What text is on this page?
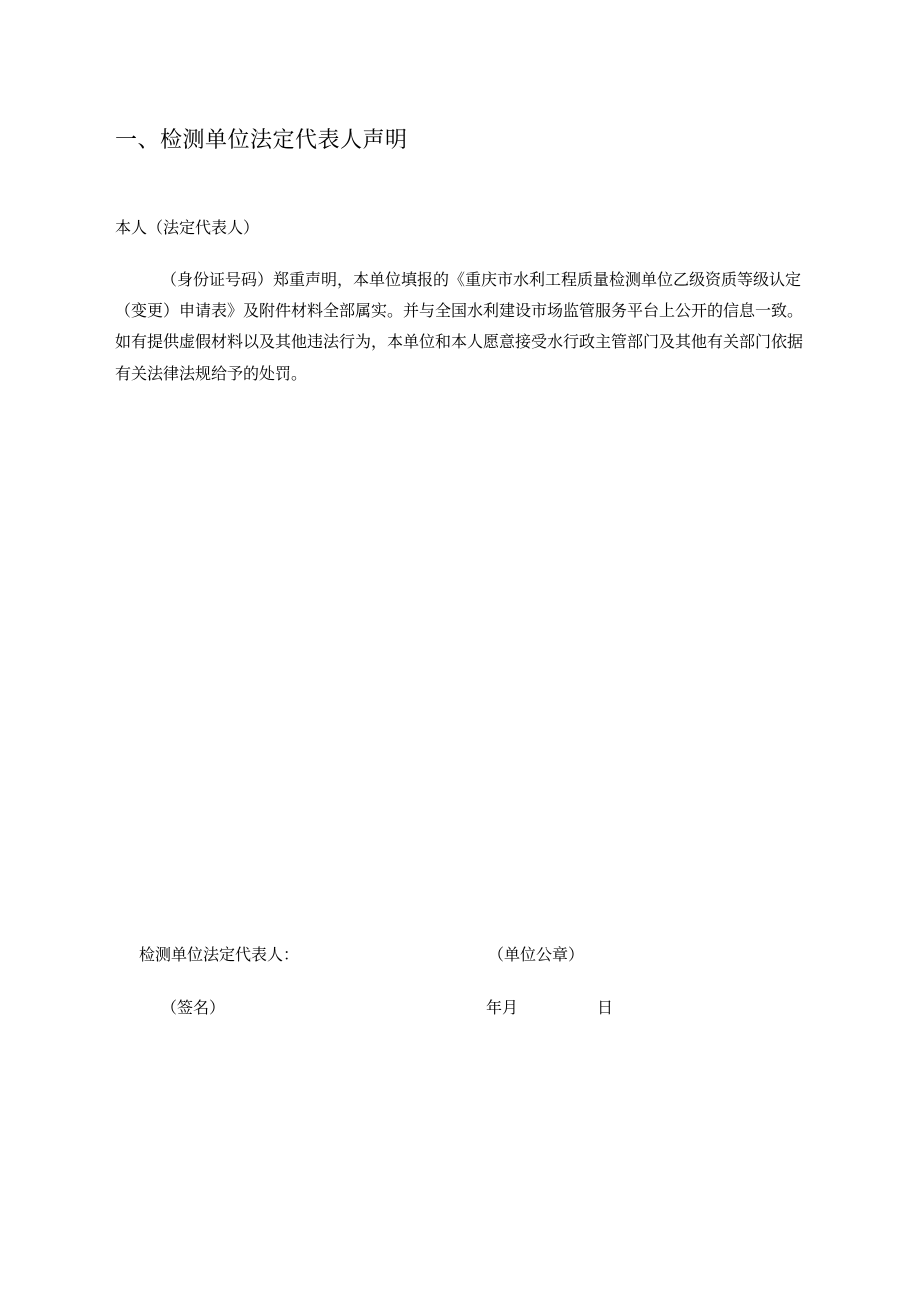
一、检测单位法定代表人声明
本人（法定代表人）
（身份证号码）郑重声明，本单位填报的《重庆市水利工程质量检测单位乙级资质等级认定
（变更）申请表》及附件材料全部属实。并与全国水利建设市场监管服务平台上公开的信息一致。
如有提供虚假材料以及其他违法行为，本单位和本人愿意接受水行政主管部门及其他有关部门依据
有关法律法规给予的处罚。
检测单位法定代表人：	（单位公章）
（签名）	年月	日
